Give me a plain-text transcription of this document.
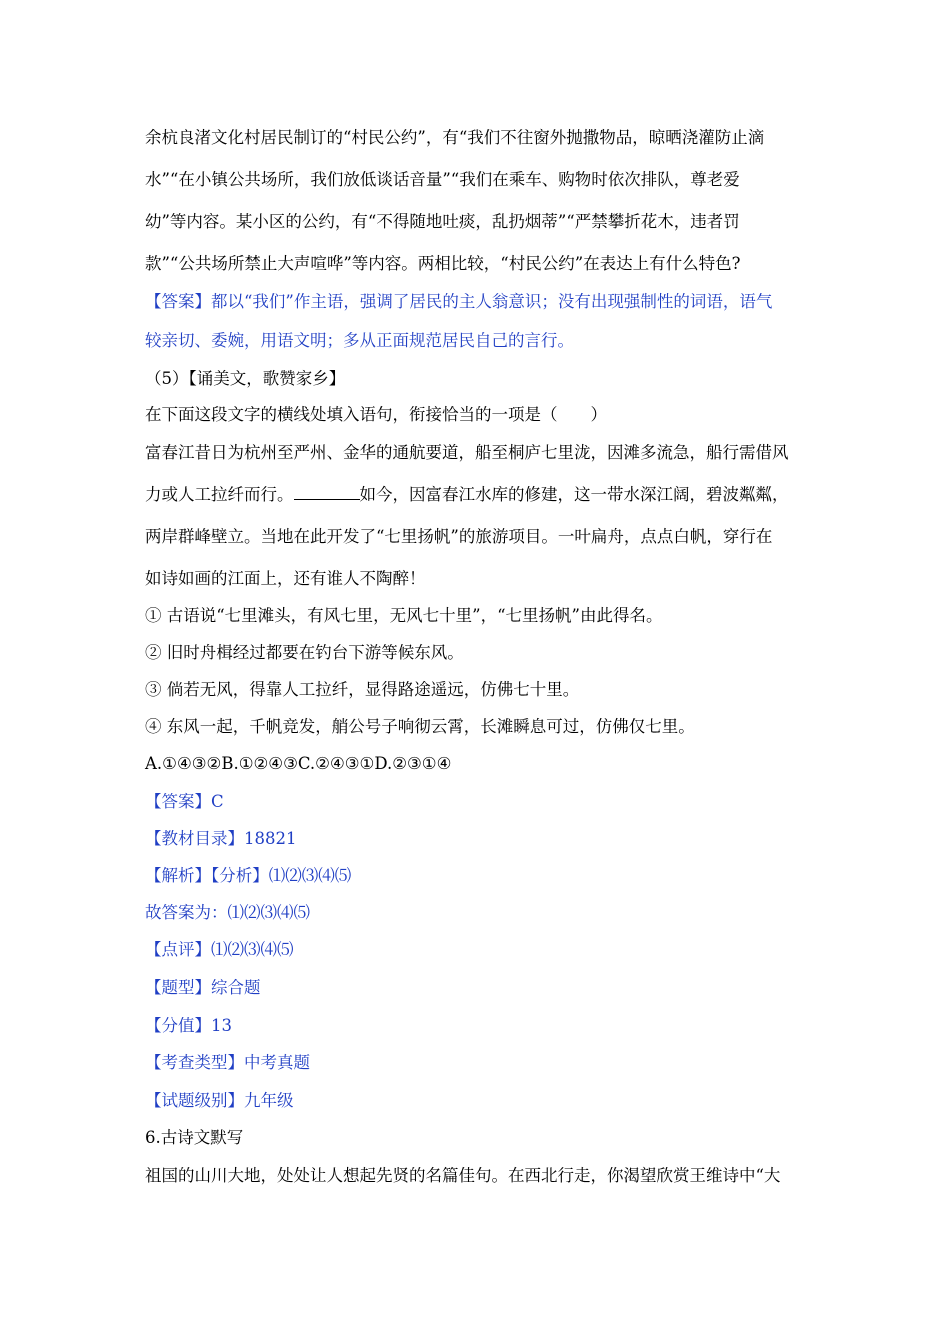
余杭良渚文化村居民制订的“村民公约”，有“我们不往窗外抛撒物品，晾晒浇灌防止滴
水”“在小镇公共场所，我们放低谈话音量”“我们在乘车、购物时依次排队，尊老爱
幼”等内容。某小区的公约，有“不得随地吐痰，乱扔烟蒂”“严禁攀折花木，违者罚
款”“公共场所禁止大声喧哗”等内容。两相比较，“村民公约”在表达上有什么特色?
【答案】都以“我们”作主语，强调了居民的主人翁意识；没有出现强制性的词语，语气
较亲切、委婉，用语文明；多从正面规范居民自己的言行。
（5）【诵美文，歌赞家乡】
在下面这段文字的横线处填入语句，衔接恰当的一项是（　　）
富春江昔日为杭州至严州、金华的通航要道，船至桐庐七里泷，因滩多流急，船行需借风
力或人工拉纤而行。	如今，因富春江水库的修建，这一带水深江阔，碧波粼粼，
两岸群峰壁立。当地在此开发了“七里扬帆”的旅游项目。一叶扁舟，点点白帆，穿行在
如诗如画的江面上，还有谁人不陶醉！
① 古语说“七里滩头，有风七里，无风七十里”，“七里扬帆”由此得名。
② 旧时舟楫经过都要在钓台下游等候东风。
③ 倘若无风，得靠人工拉纤，显得路途遥远，仿佛七十里。
④ 东风一起，千帆竞发，艄公号子响彻云霄，长滩瞬息可过，仿佛仅七里。
A.①④③②B.①②④③C.②④③①D.②③①④
【答案】C
【教材目录】18821
【解析】【分析】⑴⑵⑶⑷⑸
故答案为：⑴⑵⑶⑷⑸
【点评】⑴⑵⑶⑷⑸
【题型】综合题
【分值】13
【考查类型】中考真题
【试题级别】九年级
6.古诗文默写
祖国的山川大地，处处让人想起先贤的名篇佳句。在西北行走，你渴望欣赏王维诗中“大
